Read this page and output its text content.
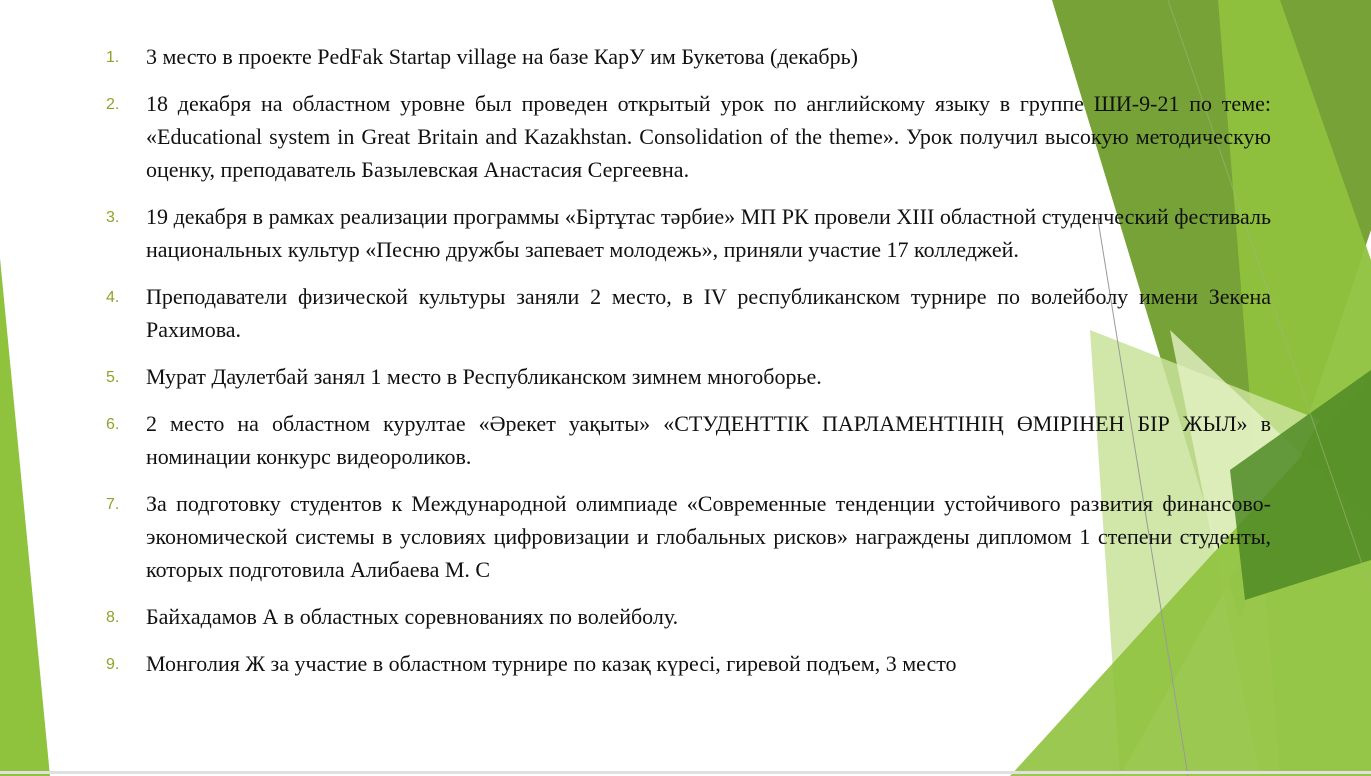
1. 3 место в проекте PedFak Startap village на базе КарУ им Букетова (декабрь)
2. 18 декабря на областном уровне был проведен открытый урок по английскому языку в группе ШИ-9-21 по теме: «Educational system in Great Britain and Kazakhstan. Consolidation of the theme». Урок получил высокую методическую оценку, преподаватель Базылевская Анастасия Сергеевна.
3. 19 декабря в рамках реализации программы «Біртұтас тәрбие» МП РК провели XIII областной студенческий фестиваль национальных культур «Песню дружбы запевает молодежь», приняли участие 17 колледжей.
4. Преподаватели физической культуры заняли 2 место, в IV республиканском турнире по волейболу имени Зекена Рахимова.
5. Мурат Даулетбай занял 1 место в Республиканском зимнем многоборье.
6. 2 место на областном курултае «Әрекет уақыты» «СТУДЕНТТІК ПАРЛАМЕНТІНІҢ ӨМІРІНЕН БІР ЖЫЛ» в номинации конкурс видеороликов.
7. За подготовку студентов к Международной олимпиаде «Современные тенденции устойчивого развития финансово-экономической системы в условиях цифровизации и глобальных рисков» награждены дипломом 1 степени студенты, которых подготовила Алибаева М. С
8. Байхадамов А в областных соревнованиях по волейболу.
9. Монголия Ж за участие в областном турнире по казақ күресі, гиревой подъем, 3 место
